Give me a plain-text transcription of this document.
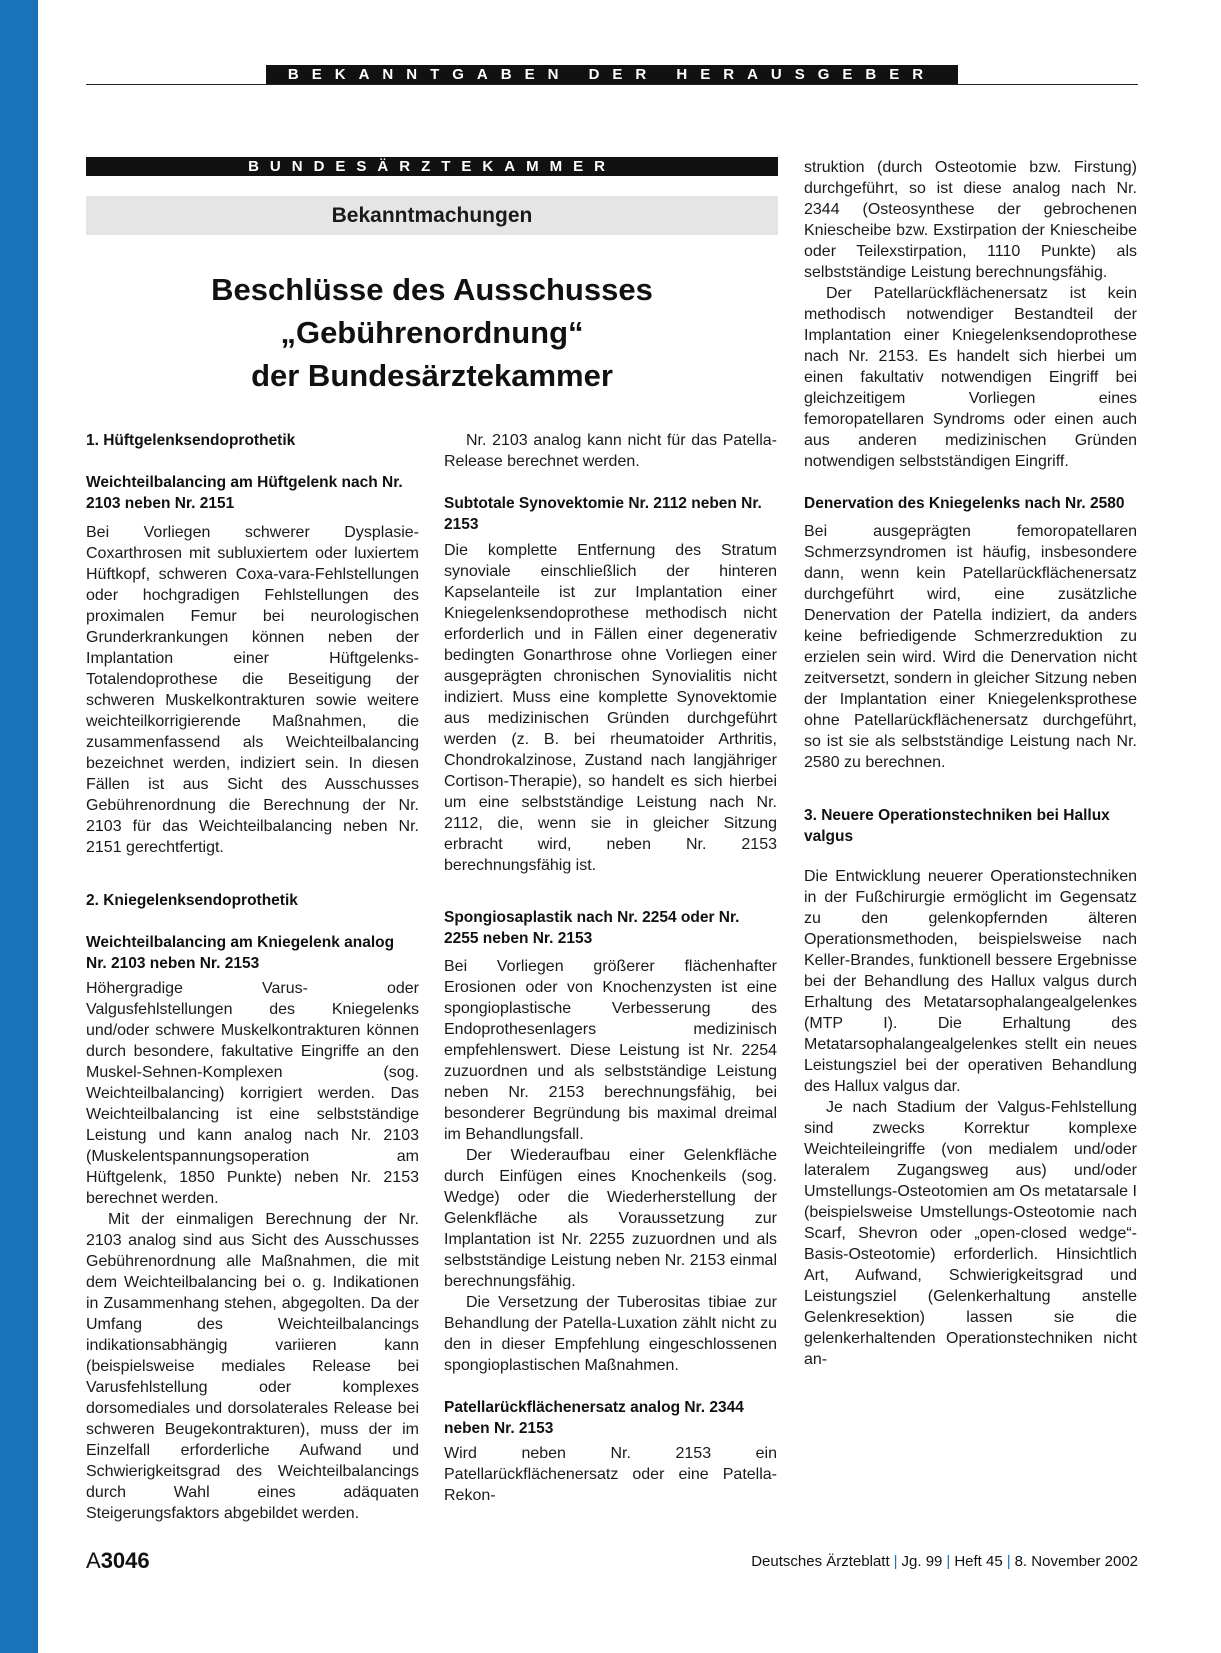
BEKANNTGABEN DER HERAUSGEBER
BUNDESÄRZTEKAMMER
Bekanntmachungen
Beschlüsse des Ausschusses
„Gebührenordnung“
der Bundesärztekammer
1. Hüftgelenksendoprothetik
Weichteilbalancing am Hüftgelenk nach Nr. 2103 neben Nr. 2151

Bei Vorliegen schwerer Dysplasie-Coxarthrosen mit subluxiertem oder luxiertem Hüftkopf, schweren Coxa-vara-Fehlstellungen oder hochgradigen Fehlstellungen des proximalen Femur bei neurologischen Grunderkrankungen können neben der Implantation einer Hüftgelenks-Totalendoprothese die Beseitigung der schweren Muskelkontrakturen sowie weitere weichteilkorrigierende Maßnahmen, die zusammenfassend als Weichteilbalancing bezeichnet werden, indiziert sein. In diesen Fällen ist aus Sicht des Ausschusses Gebührenordnung die Berechnung der Nr. 2103 für das Weichteilbalancing neben Nr. 2151 gerechtfertigt.

2. Kniegelenksendoprothetik
Weichteilbalancing am Kniegelenk analog Nr. 2103 neben Nr. 2153

Höhergradige Varus- oder Valgusfehlstellungen des Kniegelenks und/oder schwere Muskelkontrakturen können durch besondere, fakultative Eingriffe an den Muskel-Sehnen-Komplexen (sog. Weichteilbalancing) korrigiert werden. Das Weichteilbalancing ist eine selbstständige Leistung und kann analog nach Nr. 2103 (Muskelentspannungsoperation am Hüftgelenk, 1850 Punkte) neben Nr. 2153 berechnet werden.

Mit der einmaligen Berechnung der Nr. 2103 analog sind aus Sicht des Ausschusses Gebührenordnung alle Maßnahmen, die mit dem Weichteilbalancing bei o. g. Indikationen in Zusammenhang stehen, abgegolten. Da der Umfang des Weichteilbalancings indikationsabhängig variieren kann (beispielsweise mediales Release bei Varusfehlstellung oder komplexes dorsomediales und dorsolaterales Release bei schweren Beugekontrakturen), muss der im Einzelfall erforderliche Aufwand und Schwierigkeitsgrad des Weichteilbalancings durch Wahl eines adäquaten Steigerungsfaktors abgebildet werden.

Nr. 2103 analog kann nicht für das Patella-Release berechnet werden.

Subtotale Synovektomie Nr. 2112 neben Nr. 2153

Die komplette Entfernung des Stratum synoviale einschließlich der hinteren Kapselanteile ist zur Implantation einer Kniegelenksendoprothese methodisch nicht erforderlich und in Fällen einer degenerativ bedingten Gonarthrose ohne Vorliegen einer ausgeprägten chronischen Synovialitis nicht indiziert. Muss eine komplette Synovektomie aus medizinischen Gründen durchgeführt werden (z. B. bei rheumatoider Arthritis, Chondrokalzinose, Zustand nach langjähriger Cortison-Therapie), so handelt es sich hierbei um eine selbstständige Leistung nach Nr. 2112, die, wenn sie in gleicher Sitzung erbracht wird, neben Nr. 2153 berechnungsfähig ist.

Spongiosaplastik nach Nr. 2254 oder Nr. 2255 neben Nr. 2153

Bei Vorliegen größerer flächenhafter Erosionen oder von Knochenzysten ist eine spongioplastische Verbesserung des Endoprothesenlagers medizinisch empfehlenswert. Diese Leistung ist Nr. 2254 zuzuordnen und als selbstständige Leistung neben Nr. 2153 berechnungsfähig, bei besonderer Begründung bis maximal dreimal im Behandlungsfall.

Der Wiederaufbau einer Gelenkfläche durch Einfügen eines Knochenkeils (sog. Wedge) oder die Wiederherstellung der Gelenkfläche als Voraussetzung zur Implantation ist Nr. 2255 zuzuordnen und als selbstständige Leistung neben Nr. 2153 einmal berechnungsfähig.

Die Versetzung der Tuberositas tibiae zur Behandlung der Patella-Luxation zählt nicht zu den in dieser Empfehlung eingeschlossenen spongioplastischen Maßnahmen.

Patellarückflächenersatz analog Nr. 2344 neben Nr. 2153

Wird neben Nr. 2153 ein Patellarückflächenersatz oder eine Patella-Rekon-

struktion (durch Osteotomie bzw. Firstung) durchgeführt, so ist diese analog nach Nr. 2344 (Osteosynthese der gebrochenen Kniescheibe bzw. Exstirpation der Kniescheibe oder Teilexstirpation, 1110 Punkte) als selbstständige Leistung berechnungsfähig.

Der Patellarückflächenersatz ist kein methodisch notwendiger Bestandteil der Implantation einer Kniegelenksendoprothese nach Nr. 2153. Es handelt sich hierbei um einen fakultativ notwendigen Eingriff bei gleichzeitigem Vorliegen eines femoropatellaren Syndroms oder einen auch aus anderen medizinischen Gründen notwendigen selbstständigen Eingriff.

Denervation des Kniegelenks nach Nr. 2580

Bei ausgeprägten femoropatellaren Schmerzsyndromen ist häufig, insbesondere dann, wenn kein Patellarückflächenersatz durchgeführt wird, eine zusätzliche Denervation der Patella indiziert, da anders keine befriedigende Schmerzreduktion zu erzielen sein wird. Wird die Denervation nicht zeitversetzt, sondern in gleicher Sitzung neben der Implantation einer Kniegelenksprothese ohne Patellarückflächenersatz durchgeführt, so ist sie als selbstständige Leistung nach Nr. 2580 zu berechnen.

3. Neuere Operationstechniken bei Hallux valgus

Die Entwicklung neuerer Operationstechniken in der Fußchirurgie ermöglicht im Gegensatz zu den gelenkopfernden älteren Operationsmethoden, beispielsweise nach Keller-Brandes, funktionell bessere Ergebnisse bei der Behandlung des Hallux valgus durch Erhaltung des Metatarsophalangealgelenkes (MTP I). Die Erhaltung des Metatarsophalangealgelenkes stellt ein neues Leistungsziel bei der operativen Behandlung des Hallux valgus dar.

Je nach Stadium der Valgus-Fehlstellung sind zwecks Korrektur komplexe Weichteileingriffe (von medialem und/oder lateralem Zugangsweg aus) und/oder Umstellungs-Osteotomien am Os metatarsale I (beispielsweise Umstellungs-Osteotomie nach Scarf, Shevron oder „open-closed wedge“-Basis-Osteotomie) erforderlich. Hinsichtlich Art, Aufwand, Schwierigkeitsgrad und Leistungsziel (Gelenkerhaltung anstelle Gelenkresektion) lassen sie die gelenkerhaltenden Operationstechniken nicht an-

A3046	Deutsches Ärzteblatt | Jg. 99 | Heft 45 | 8. November 2002
